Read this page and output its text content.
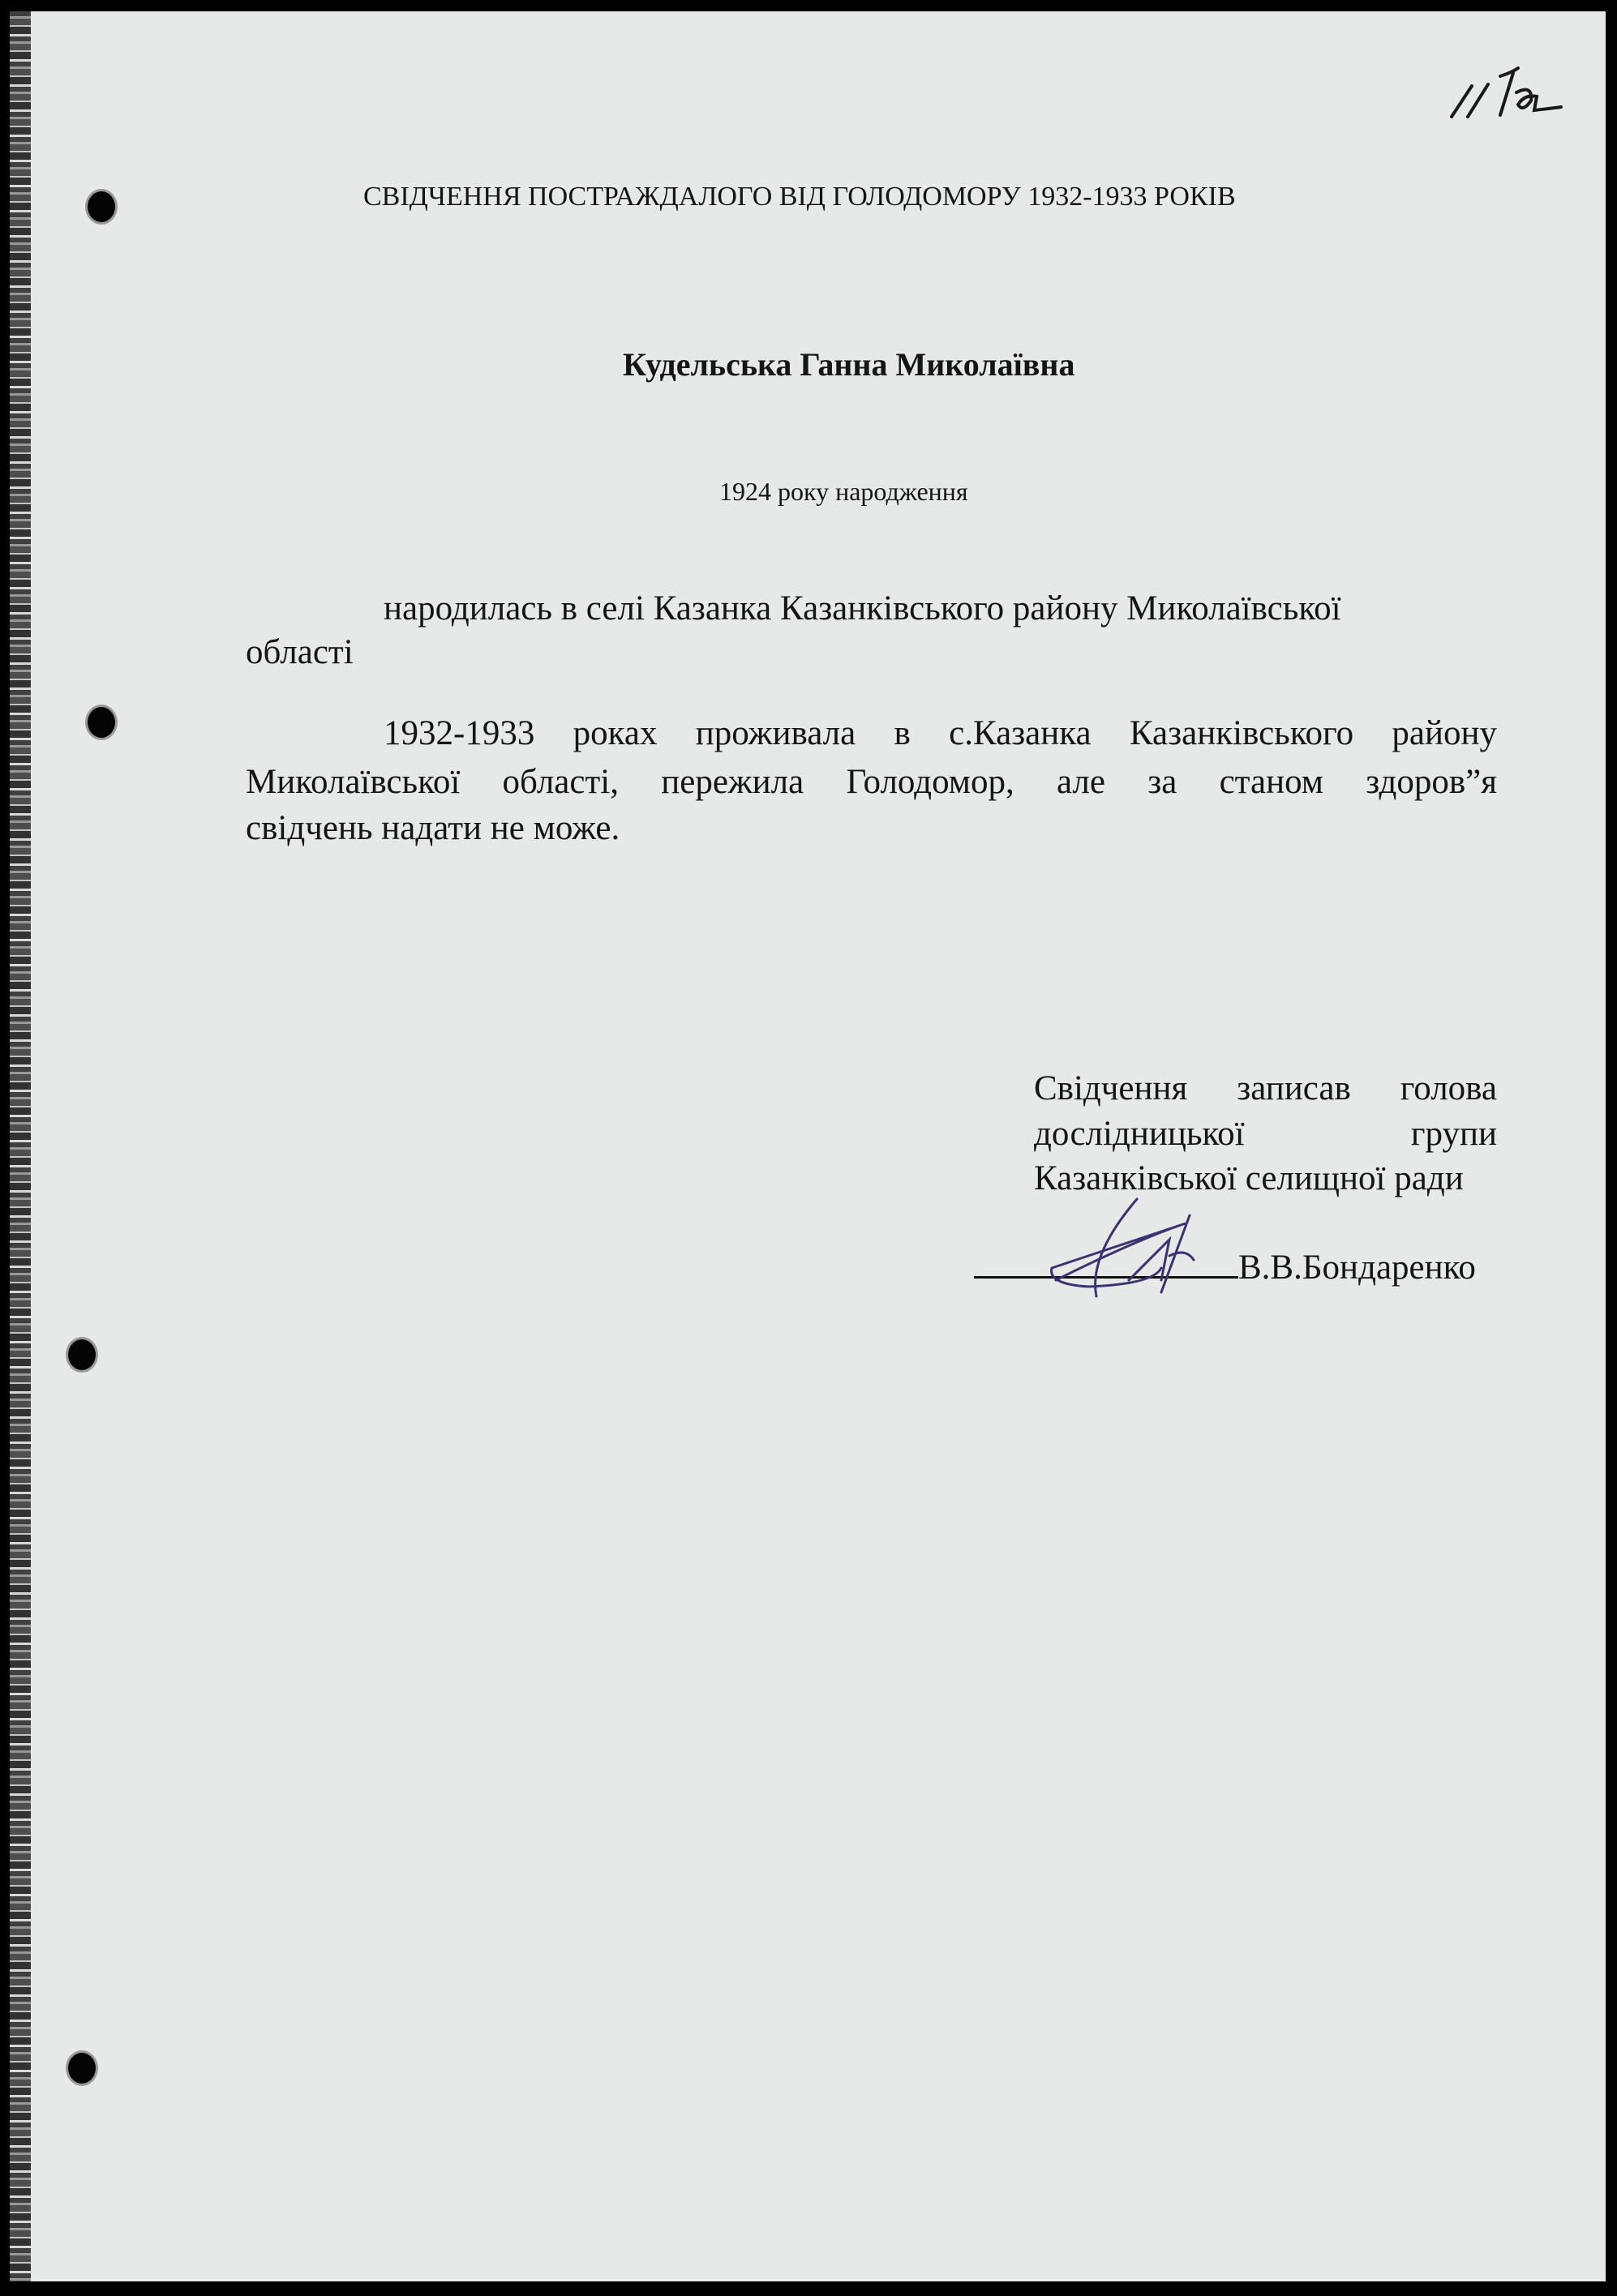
СВІДЧЕННЯ ПОСТРАЖДАЛОГО ВІД ГОЛОДОМОРУ 1932-1933 РОКІВ
Кудельська Ганна Миколаївна
1924 року народження
народилась в селі Казанка Казанківського району Миколаївської
області
1932-1933 роках проживала в с.Казанка Казанківського району
Миколаївської області, пережила Голодомор, але за станом здоров”я
свідчень надати не може.
Свідчення записав голова
дослідницької групи
Казанківської селищної ради
В.В.Бондаренко
